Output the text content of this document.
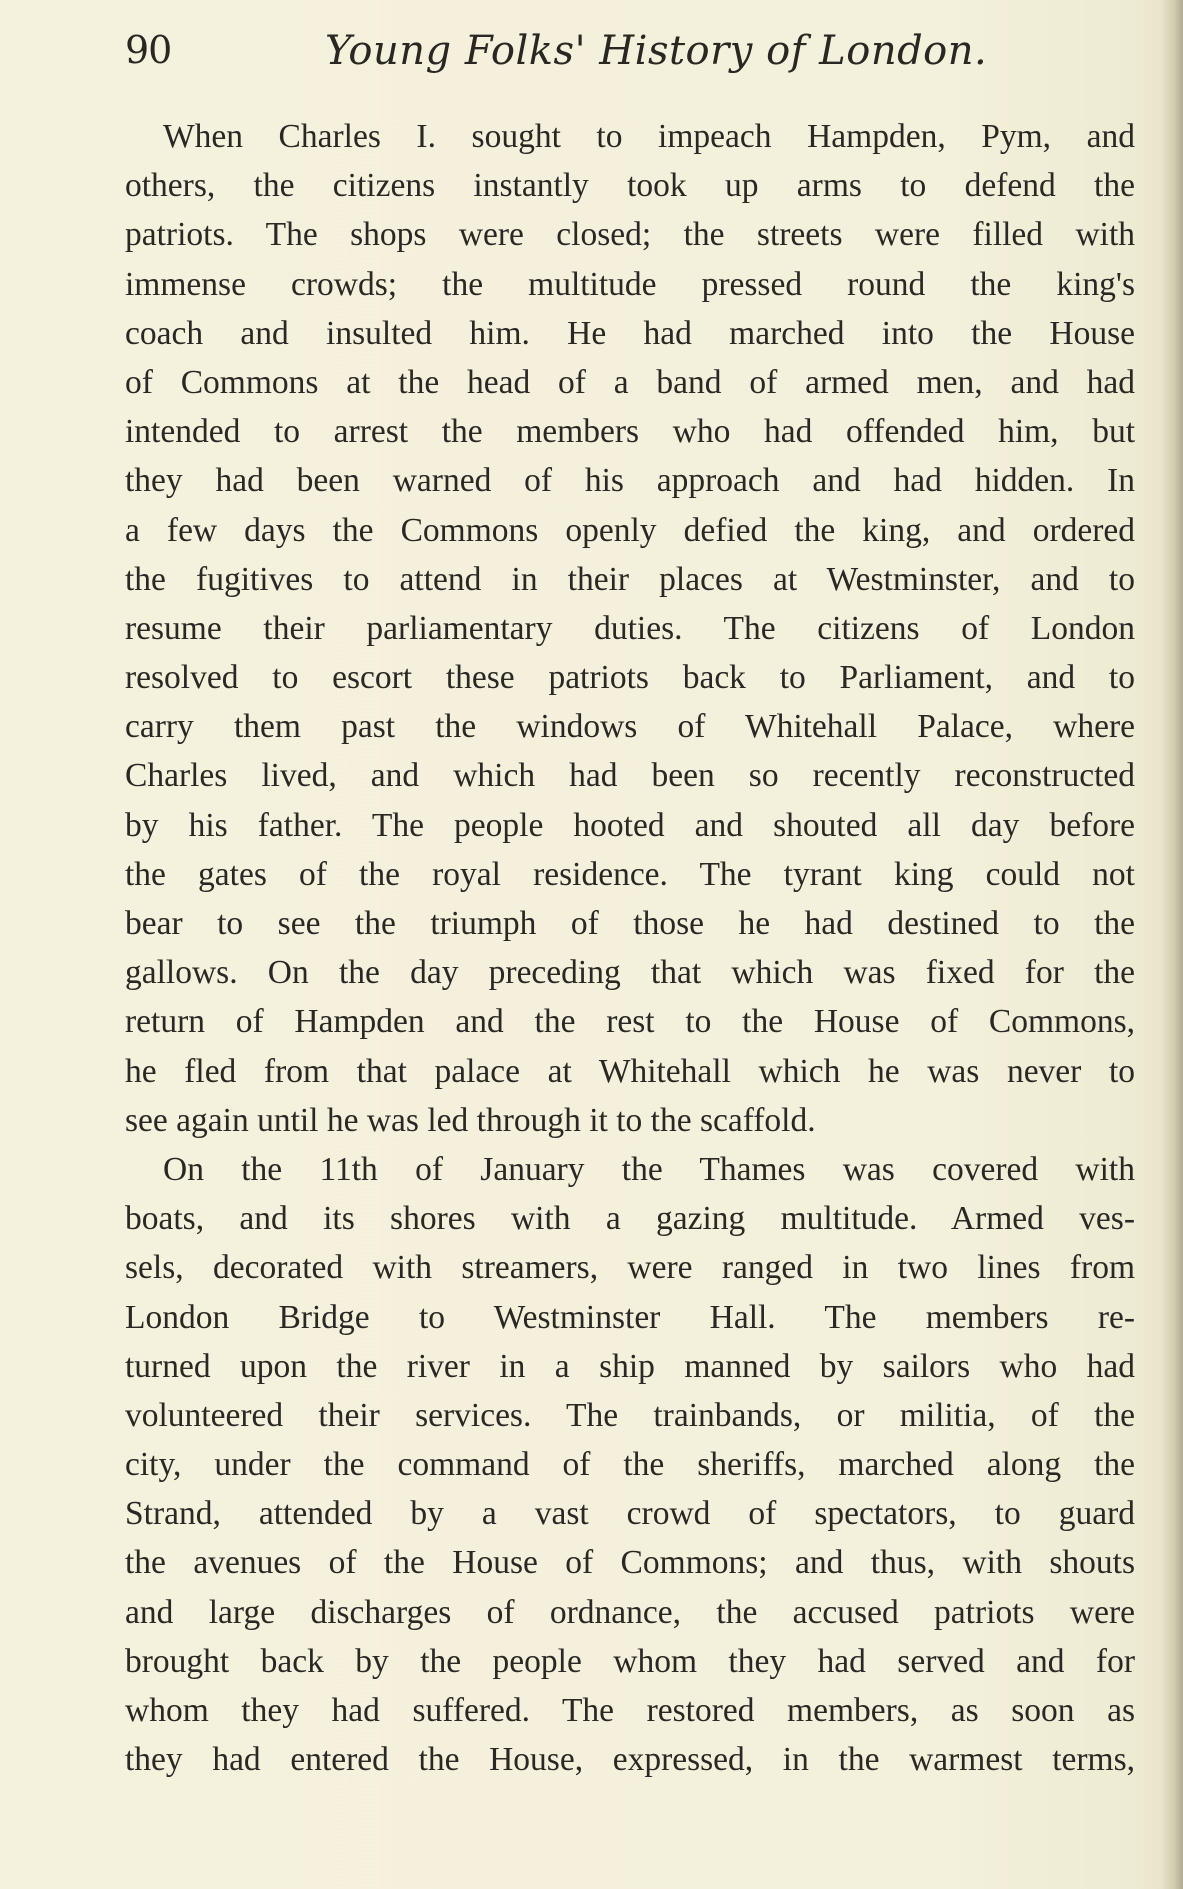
90	Young Folks' History of London.
When Charles I. sought to impeach Hampden, Pym, and
others, the citizens instantly took up arms to defend the
patriots. The shops were closed; the streets were filled with
immense crowds; the multitude pressed round the king's
coach and insulted him. He had marched into the House
of Commons at the head of a band of armed men, and had
intended to arrest the members who had offended him, but
they had been warned of his approach and had hidden. In
a few days the Commons openly defied the king, and ordered
the fugitives to attend in their places at Westminster, and to
resume their parliamentary duties. The citizens of London
resolved to escort these patriots back to Parliament, and to
carry them past the windows of Whitehall Palace, where
Charles lived, and which had been so recently reconstructed
by his father. The people hooted and shouted all day before
the gates of the royal residence. The tyrant king could not
bear to see the triumph of those he had destined to the
gallows. On the day preceding that which was fixed for the
return of Hampden and the rest to the House of Commons,
he fled from that palace at Whitehall which he was never to
see again until he was led through it to the scaffold.
On the 11th of January the Thames was covered with
boats, and its shores with a gazing multitude. Armed ves-
sels, decorated with streamers, were ranged in two lines from
London Bridge to Westminster Hall. The members re-
turned upon the river in a ship manned by sailors who had
volunteered their services. The trainbands, or militia, of the
city, under the command of the sheriffs, marched along the
Strand, attended by a vast crowd of spectators, to guard
the avenues of the House of Commons; and thus, with shouts
and large discharges of ordnance, the accused patriots were
brought back by the people whom they had served and for
whom they had suffered. The restored members, as soon as
they had entered the House, expressed, in the warmest terms,
